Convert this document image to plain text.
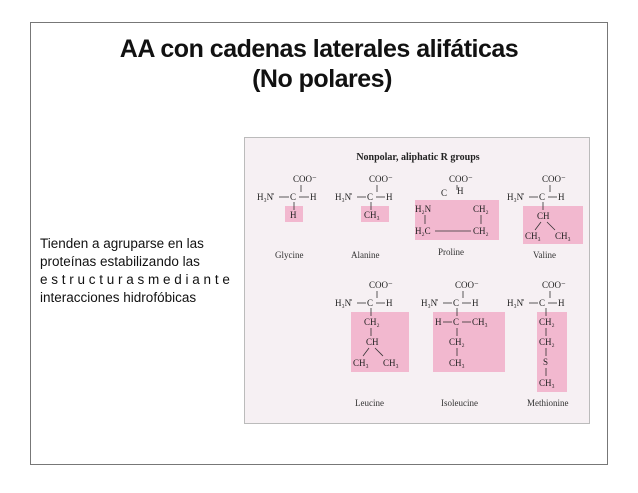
AA con cadenas laterales alifáticas
(No polares)
Nonpolar, aliphatic R groups
COO⁻
H₃N̊ C H
H
Glycine
COO⁻
H₃N̊ C H
CH₃
Alanine
COO⁻
H
H₂N
C
CH₂
H₂C	CH₂
Proline
COO⁻
H₃N̊ C H
CH
CH₃ CH₃
Valine
COO⁻
H₃N̊ C H
CH₂
CH
CH₃ CH₃
Leucine
COO⁻
H₃N̊ C H
H C CH₃
CH₂
CH₃
Isoleucine
COO⁻
H₃N̊ C H
CH₂
CH₂
S
CH₃
Methionine
Tienden a agruparse en las
proteínas estabilizando las
e s t r u c t u r a s m e d i a n t e
interacciones hidrofóbicas
